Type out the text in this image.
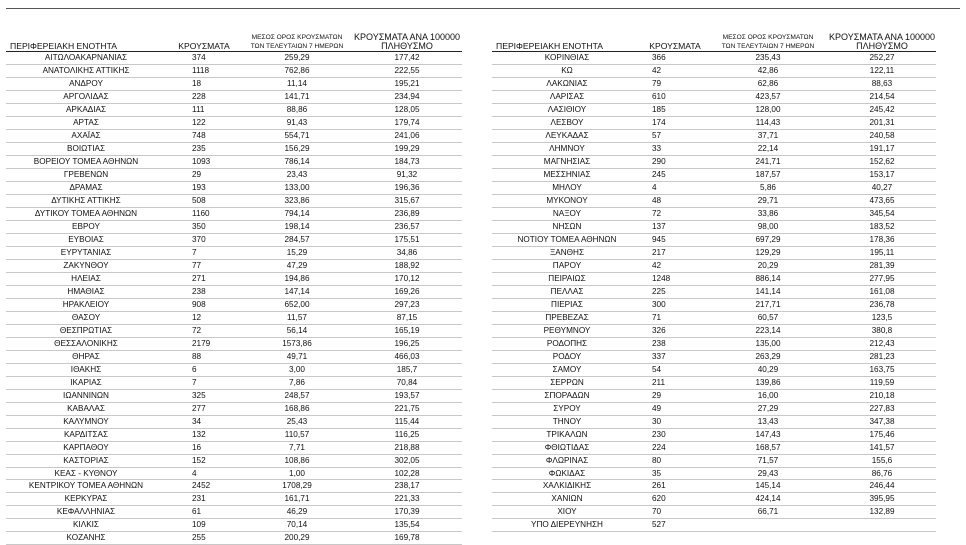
ΠΕΡΙΦΕΡΕΙΑΚΗ ΕΝΟΤΗΤΑ	ΚΡΟΥΣΜΑΤΑ	ΜΕΣΟΣ ΟΡΟΣ ΚΡΟΥΣΜΑΤΩΝ
ΤΩΝ ΤΕΛΕΥΤΑΙΩΝ 7 ΗΜΕΡΩΝ	ΚΡΟΥΣΜΑΤΑ ΑΝΑ 100000
ΠΛΗΘΥΣΜΟ
ΑΙΤΩΛΟΑΚΑΡΝΑΝΙΑΣ	374	259,29	177,42
ΑΝΑΤΟΛΙΚΗΣ ΑΤΤΙΚΗΣ	1118	762,86	222,55
ΑΝΔΡΟΥ	18	11,14	195,21
ΑΡΓΟΛΙΔΑΣ	228	141,71	234,94
ΑΡΚΑΔΙΑΣ	111	88,86	128,05
ΑΡΤΑΣ	122	91,43	179,74
ΑΧΑΪΑΣ	748	554,71	241,06
ΒΟΙΩΤΙΑΣ	235	156,29	199,29
ΒΟΡΕΙΟΥ ΤΟΜΕΑ ΑΘΗΝΩΝ	1093	786,14	184,73
ΓΡΕΒΕΝΩΝ	29	23,43	91,32
ΔΡΑΜΑΣ	193	133,00	196,36
ΔΥΤΙΚΗΣ ΑΤΤΙΚΗΣ	508	323,86	315,67
ΔΥΤΙΚΟΥ ΤΟΜΕΑ ΑΘΗΝΩΝ	1160	794,14	236,89
ΕΒΡΟΥ	350	198,14	236,57
ΕΥΒΟΙΑΣ	370	284,57	175,51
ΕΥΡΥΤΑΝΙΑΣ	7	15,29	34,86
ΖΑΚΥΝΘΟΥ	77	47,29	188,92
ΗΛΕΙΑΣ	271	194,86	170,12
ΗΜΑΘΙΑΣ	238	147,14	169,26
ΗΡΑΚΛΕΙΟΥ	908	652,00	297,23
ΘΑΣΟΥ	12	11,57	87,15
ΘΕΣΠΡΩΤΙΑΣ	72	56,14	165,19
ΘΕΣΣΑΛΟΝΙΚΗΣ	2179	1573,86	196,25
ΘΗΡΑΣ	88	49,71	466,03
ΙΘΑΚΗΣ	6	3,00	185,7
ΙΚΑΡΙΑΣ	7	7,86	70,84
ΙΩΑΝΝΙΝΩΝ	325	248,57	193,57
ΚΑΒΑΛΑΣ	277	168,86	221,75
ΚΑΛΥΜΝΟΥ	34	25,43	115,44
ΚΑΡΔΙΤΣΑΣ	132	110,57	116,25
ΚΑΡΠΑΘΟΥ	16	7,71	218,88
ΚΑΣΤΟΡΙΑΣ	152	108,86	302,05
ΚΕΑΣ - ΚΥΘΝΟΥ	4	1,00	102,28
ΚΕΝΤΡΙΚΟΥ ΤΟΜΕΑ ΑΘΗΝΩΝ	2452	1708,29	238,17
ΚΕΡΚΥΡΑΣ	231	161,71	221,33
ΚΕΦΑΛΛΗΝΙΑΣ	61	46,29	170,39
ΚΙΛΚΙΣ	109	70,14	135,54
ΚΟΖΑΝΗΣ	255	200,29	169,78
ΠΕΡΙΦΕΡΕΙΑΚΗ ΕΝΟΤΗΤΑ	ΚΡΟΥΣΜΑΤΑ	ΜΕΣΟΣ ΟΡΟΣ ΚΡΟΥΣΜΑΤΩΝ
ΤΩΝ ΤΕΛΕΥΤΑΙΩΝ 7 ΗΜΕΡΩΝ	ΚΡΟΥΣΜΑΤΑ ΑΝΑ 100000
ΠΛΗΘΥΣΜΟ
ΚΟΡΙΝΘΙΑΣ	366	235,43	252,27
ΚΩ	42	42,86	122,11
ΛΑΚΩΝΙΑΣ	79	62,86	88,63
ΛΑΡΙΣΑΣ	610	423,57	214,54
ΛΑΣΙΘΙΟΥ	185	128,00	245,42
ΛΕΣΒΟΥ	174	114,43	201,31
ΛΕΥΚΑΔΑΣ	57	37,71	240,58
ΛΗΜΝΟΥ	33	22,14	191,17
ΜΑΓΝΗΣΙΑΣ	290	241,71	152,62
ΜΕΣΣΗΝΙΑΣ	245	187,57	153,17
ΜΗΛΟΥ	4	5,86	40,27
ΜΥΚΟΝΟΥ	48	29,71	473,65
ΝΑΞΟΥ	72	33,86	345,54
ΝΗΣΩΝ	137	98,00	183,52
ΝΟΤΙΟΥ ΤΟΜΕΑ ΑΘΗΝΩΝ	945	697,29	178,36
ΞΑΝΘΗΣ	217	129,29	195,11
ΠΑΡΟΥ	42	20,29	281,39
ΠΕΙΡΑΙΩΣ	1248	886,14	277,95
ΠΕΛΛΑΣ	225	141,14	161,08
ΠΙΕΡΙΑΣ	300	217,71	236,78
ΠΡΕΒΕΖΑΣ	71	60,57	123,5
ΡΕΘΥΜΝΟΥ	326	223,14	380,8
ΡΟΔΟΠΗΣ	238	135,00	212,43
ΡΟΔΟΥ	337	263,29	281,23
ΣΑΜΟΥ	54	40,29	163,75
ΣΕΡΡΩΝ	211	139,86	119,59
ΣΠΟΡΑΔΩΝ	29	16,00	210,18
ΣΥΡΟΥ	49	27,29	227,83
ΤΗΝΟΥ	30	13,43	347,38
ΤΡΙΚΑΛΩΝ	230	147,43	175,46
ΦΘΙΩΤΙΔΑΣ	224	168,57	141,57
ΦΛΩΡΙΝΑΣ	80	71,57	155,6
ΦΩΚΙΔΑΣ	35	29,43	86,76
ΧΑΛΚΙΔΙΚΗΣ	261	145,14	246,44
ΧΑΝΙΩΝ	620	424,14	395,95
ΧΙΟΥ	70	66,71	132,89
ΥΠΟ ΔΙΕΡΕΥΝΗΣΗ	527		
